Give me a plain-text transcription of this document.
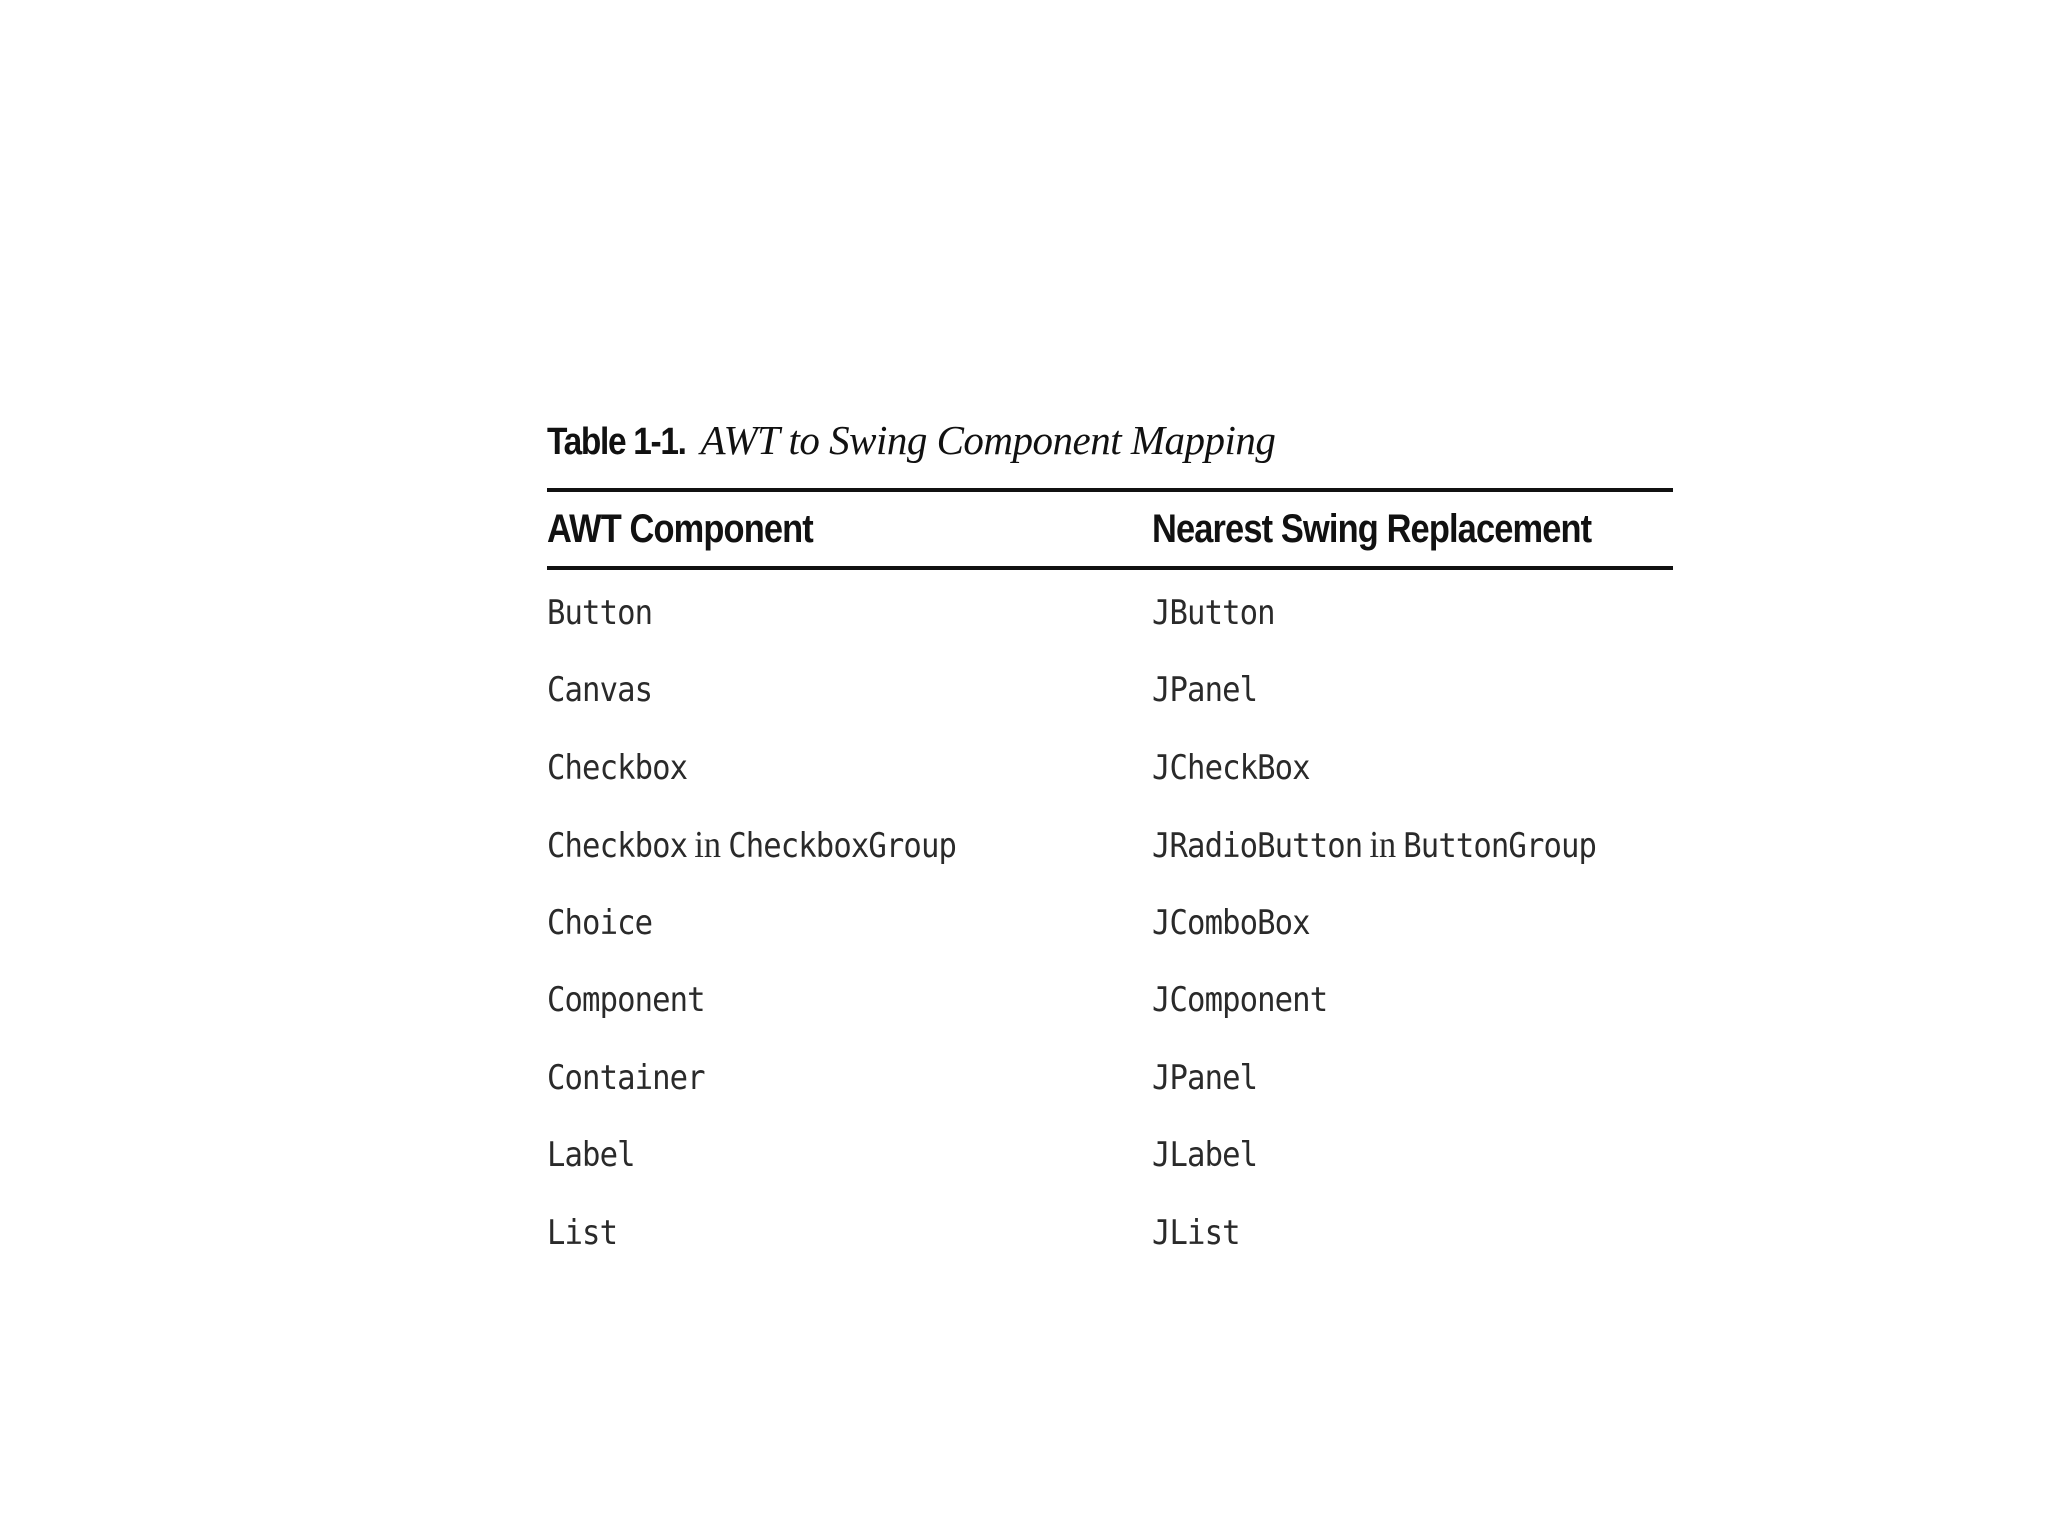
Table 1-1. AWT to Swing Component Mapping
AWT Component	Nearest Swing Replacement
Button	JButton
Canvas	JPanel
Checkbox	JCheckBox
Checkbox in CheckboxGroup	JRadioButton in ButtonGroup
Choice	JComboBox
Component	JComponent
Container	JPanel
Label	JLabel
List	JList
